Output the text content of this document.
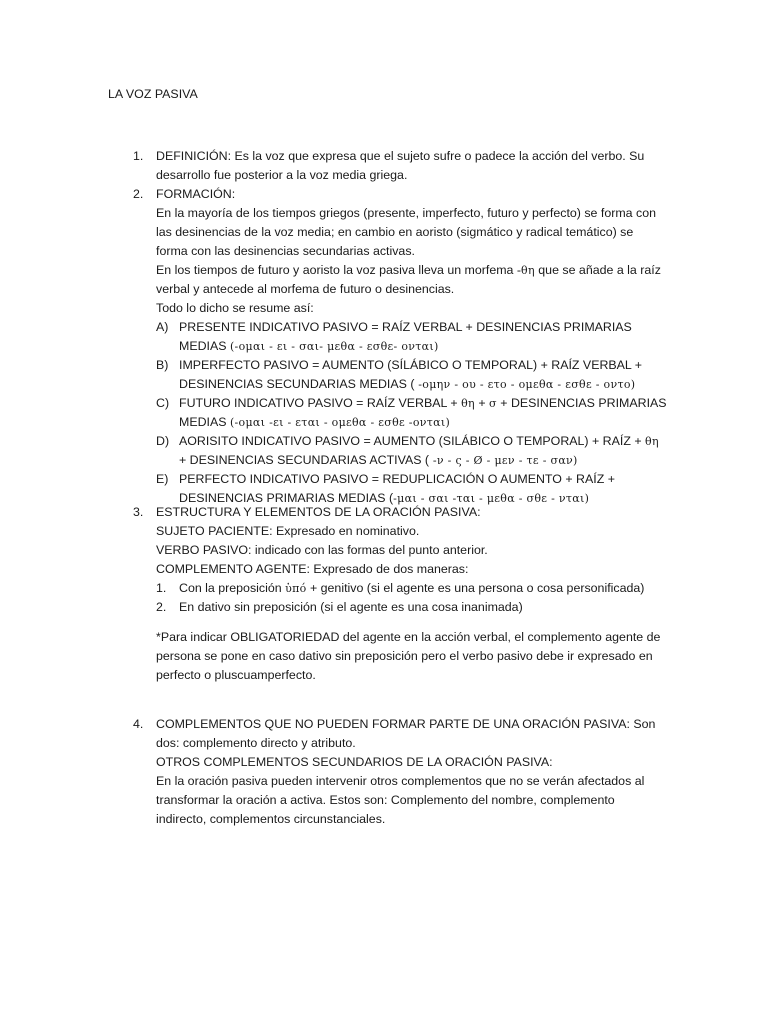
LA VOZ PASIVA
1. DEFINICIÓN: Es la voz que expresa que el sujeto sufre o padece la acción del verbo. Su desarrollo fue posterior a la voz media griega.
2. FORMACIÓN:
En la mayoría de los tiempos griegos (presente, imperfecto, futuro y perfecto) se forma con las desinencias de la voz media; en cambio en aoristo (sigmático y radical temático) se forma con las desinencias secundarias activas.
En los tiempos de futuro y aoristo la voz pasiva lleva un morfema -θη que se añade a la raíz verbal y antecede al morfema de futuro o desinencias.
Todo lo dicho se resume así:
A) PRESENTE INDICATIVO PASIVO = RAÍZ VERBAL + DESINENCIAS PRIMARIAS MEDIAS (-ομαι - ει - σαι- μεθα - εσθε- ονται)
B) IMPERFECTO PASIVO = AUMENTO (SÍLÁBICO O TEMPORAL) + RAÍZ VERBAL + DESINENCIAS SECUNDARIAS MEDIAS ( -ομην - ου - ετο - ομεθα - εσθε - οντο)
C) FUTURO INDICATIVO PASIVO = RAÍZ VERBAL + θη + σ + DESINENCIAS PRIMARIAS MEDIAS (-ομαι -ει - εται - ομεθα - εσθε -ονται)
D) AORISITO INDICATIVO PASIVO = AUMENTO (SILÁBICO O TEMPORAL) + RAÍZ + θη + DESINENCIAS SECUNDARIAS ACTIVAS ( -ν - ς - Ø - μεν - τε - σαν)
E) PERFECTO INDICATIVO PASIVO = REDUPLICACIÓN O AUMENTO + RAÍZ + DESINENCIAS PRIMARIAS MEDIAS (-μαι - σαι -ται - μεθα - σθε - νται)
3. ESTRUCTURA Y ELEMENTOS DE LA ORACIÓN PASIVA:
SUJETO PACIENTE: Expresado en nominativo.
VERBO PASIVO: indicado con las formas del punto anterior.
COMPLEMENTO AGENTE: Expresado de dos maneras:
1. Con la preposición ὑπό + genitivo (si el agente es una persona o cosa personificada)
2. En dativo sin preposición (si el agente es una cosa inanimada)
*Para indicar OBLIGATORIEDAD del agente en la acción verbal, el complemento agente de persona se pone en caso dativo sin preposición pero el verbo pasivo debe ir expresado en perfecto o pluscuamperfecto.
4. COMPLEMENTOS QUE NO PUEDEN FORMAR PARTE DE UNA ORACIÓN PASIVA: Son dos: complemento directo y atributo.
OTROS COMPLEMENTOS SECUNDARIOS DE LA ORACIÓN PASIVA:
En la oración pasiva pueden intervenir otros complementos que no se verán afectados al transformar la oración a activa. Estos son: Complemento del nombre, complemento indirecto, complementos circunstanciales.
